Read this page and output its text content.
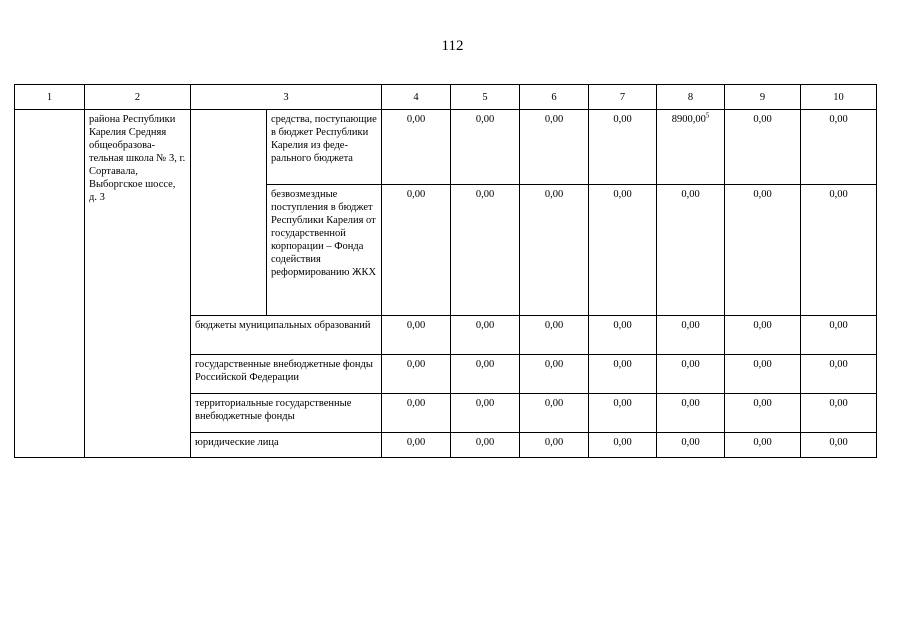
112
1	2	3		4	5	6	7	8	9	10
	района Республики Карелия Средняя общеобразова-тельная школа № 3, г. Сортавала, Выборгское шоссе, д. 3		средства, поступающие в бюджет Республики Карелия из феде-рального бюджета	0,00	0,00	0,00	0,00	8900,00$^5$	0,00	0,00
			безвозмездные поступления в бюджет Республики Карелия от государственной корпорации – Фонда содействия реформированию ЖКХ	0,00	0,00	0,00	0,00	0,00	0,00	0,00
		бюджеты муниципальных образований		0,00	0,00	0,00	0,00	0,00	0,00	0,00
		государственные внебюджетные фонды Российской Федерации		0,00	0,00	0,00	0,00	0,00	0,00	0,00
		территориальные государственные внебюджетные фонды		0,00	0,00	0,00	0,00	0,00	0,00	0,00
		юридические лица		0,00	0,00	0,00	0,00	0,00	0,00	0,00
